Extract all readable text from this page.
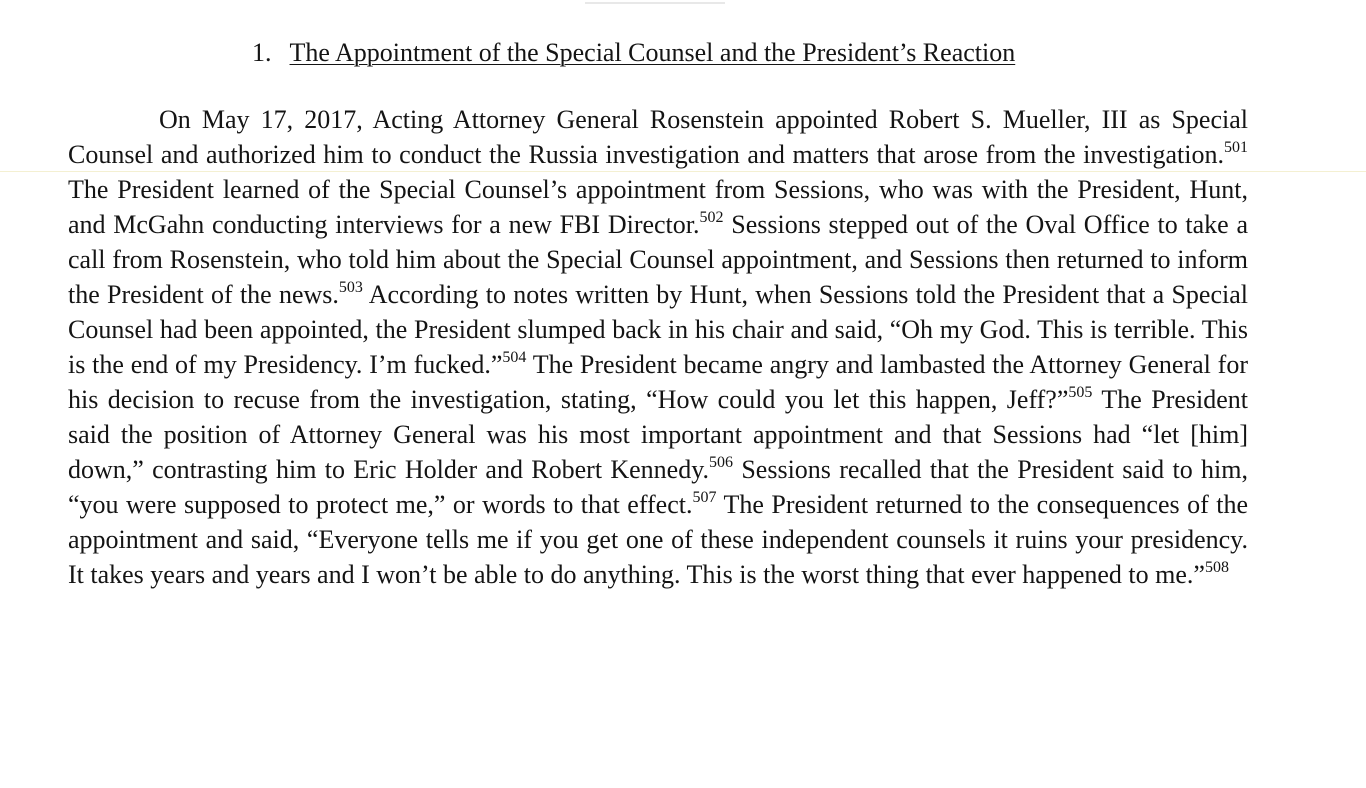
1. The Appointment of the Special Counsel and the President’s Reaction

On May 17, 2017, Acting Attorney General Rosenstein appointed Robert S. Mueller, III as Special Counsel and authorized him to conduct the Russia investigation and matters that arose from the investigation.$^{501}$ The President learned of the Special Counsel’s appointment from Sessions, who was with the President, Hunt, and McGahn conducting interviews for a new FBI Director.$^{502}$ Sessions stepped out of the Oval Office to take a call from Rosenstein, who told him about the Special Counsel appointment, and Sessions then returned to inform the President of the news.$^{503}$ According to notes written by Hunt, when Sessions told the President that a Special Counsel had been appointed, the President slumped back in his chair and said, “Oh my God. This is terrible. This is the end of my Presidency. I’m fucked.”$^{504}$ The President became angry and lambasted the Attorney General for his decision to recuse from the investigation, stating, “How could you let this happen, Jeff?”$^{505}$ The President said the position of Attorney General was his most important appointment and that Sessions had “let [him] down,” contrasting him to Eric Holder and Robert Kennedy.$^{506}$ Sessions recalled that the President said to him, “you were supposed to protect me,” or words to that effect.$^{507}$ The President returned to the consequences of the appointment and said, “Everyone tells me if you get one of these independent counsels it ruins your presidency. It takes years and years and I won’t be able to do anything. This is the worst thing that ever happened to me.”$^{508}$
